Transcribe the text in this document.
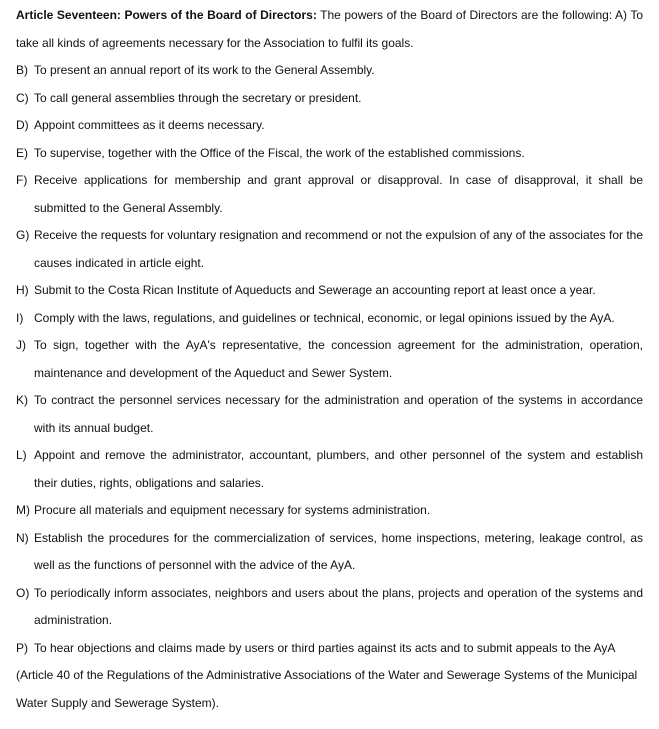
Article Seventeen: Powers of the Board of Directors: The powers of the Board of Directors are the following: A) To take all kinds of agreements necessary for the Association to fulfil its goals.

B) To present an annual report of its work to the General Assembly.
C) To call general assemblies through the secretary or president.
D) Appoint committees as it deems necessary.
E) To supervise, together with the Office of the Fiscal, the work of the established commissions.
F) Receive applications for membership and grant approval or disapproval. In case of disapproval, it shall be submitted to the General Assembly.
G) Receive the requests for voluntary resignation and recommend or not the expulsion of any of the associates for the causes indicated in article eight.
H) Submit to the Costa Rican Institute of Aqueducts and Sewerage an accounting report at least once a year.
I) Comply with the laws, regulations, and guidelines or technical, economic, or legal opinions issued by the AyA.
J) To sign, together with the AyA's representative, the concession agreement for the administration, operation, maintenance and development of the Aqueduct and Sewer System.
K) To contract the personnel services necessary for the administration and operation of the systems in accordance with its annual budget.
L) Appoint and remove the administrator, accountant, plumbers, and other personnel of the system and establish their duties, rights, obligations and salaries.
M) Procure all materials and equipment necessary for systems administration.
N) Establish the procedures for the commercialization of services, home inspections, metering, leakage control, as well as the functions of personnel with the advice of the AyA.
O) To periodically inform associates, neighbors and users about the plans, projects and operation of the systems and administration.
P) To hear objections and claims made by users or third parties against its acts and to submit appeals to the AyA

(Article 40 of the Regulations of the Administrative Associations of the Water and Sewerage Systems of the Municipal Water Supply and Sewerage System).
